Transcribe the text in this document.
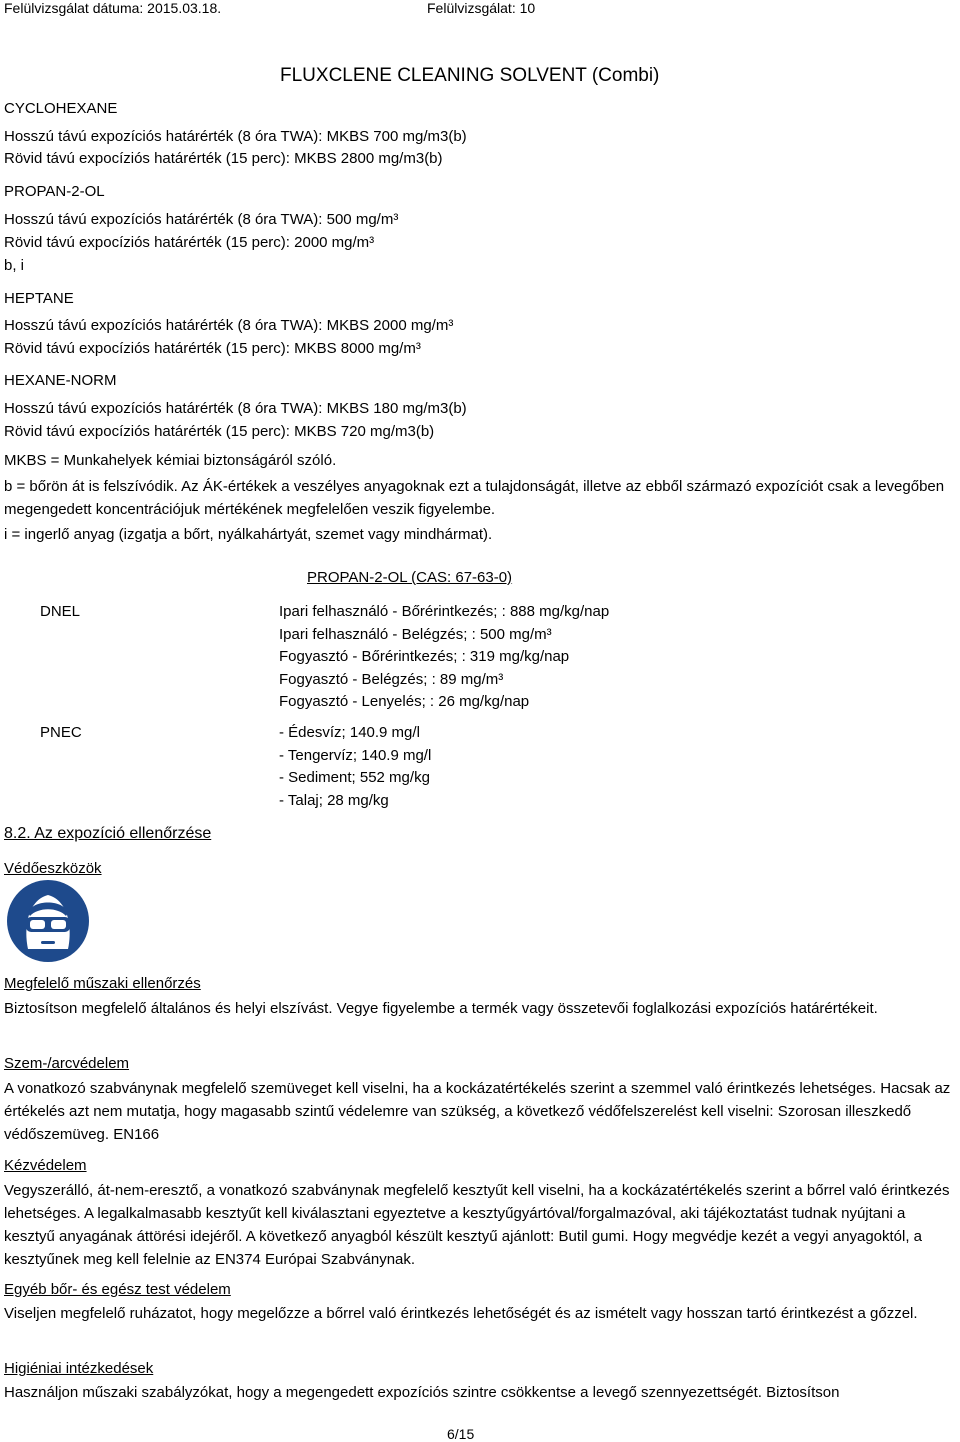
Felülvizsgálat dátuma: 2015.03.18.	Felülvizsgálat: 10
FLUXCLENE CLEANING SOLVENT (Combi)
CYCLOHEXANE
Hosszú távú expozíciós határérték (8 óra TWA): MKBS 700 mg/m3(b)
Rövid távú expocíziós határérték (15 perc): MKBS 2800 mg/m3(b)
PROPAN-2-OL
Hosszú távú expozíciós határérték (8 óra TWA): 500 mg/m³
Rövid távú expocíziós határérték (15 perc): 2000 mg/m³
b, i
HEPTANE
Hosszú távú expozíciós határérték (8 óra TWA): MKBS 2000 mg/m³
Rövid távú expocíziós határérték (15 perc): MKBS 8000 mg/m³
HEXANE-NORM
Hosszú távú expozíciós határérték (8 óra TWA): MKBS 180 mg/m3(b)
Rövid távú expocíziós határérték (15 perc): MKBS 720 mg/m3(b)
MKBS = Munkahelyek kémiai biztonságáról szóló.
b = bőrön át is felszívódik. Az ÁK-értékek a veszélyes anyagoknak ezt a tulajdonságát, illetve az ebből származó expozíciót csak a levegőben megengedett koncentrációjuk mértékének megfelelően veszik figyelembe.
i = ingerlő anyag (izgatja a bőrt, nyálkahártyát, szemet vagy mindhármat).
PROPAN-2-OL (CAS: 67-63-0)
DNEL	Ipari felhasználó - Bőrérintkezés; : 888 mg/kg/nap
Ipari felhasználó - Belégzés; : 500 mg/m³
Fogyasztó - Bőrérintkezés; : 319 mg/kg/nap
Fogyasztó - Belégzés; : 89 mg/m³
Fogyasztó - Lenyelés; : 26 mg/kg/nap
PNEC	- Édesvíz; 140.9 mg/l
- Tengervíz; 140.9 mg/l
- Sediment; 552 mg/kg
- Talaj; 28 mg/kg
8.2. Az expozíció ellenőrzése
Védőeszközök
Megfelelő műszaki ellenőrzés
Biztosítson megfelelő általános és helyi elszívást. Vegye figyelembe a termék vagy összetevői foglalkozási expozíciós határértékeit.
Szem-/arcvédelem
A vonatkozó szabványnak megfelelő szemüveget kell viselni, ha a kockázatértékelés szerint a szemmel való érintkezés lehetséges. Hacsak az értékelés azt nem mutatja, hogy magasabb szintű védelemre van szükség, a következő védőfelszerelést kell viselni: Szorosan illeszkedő védőszemüveg. EN166
Kézvédelem
Vegyszerálló, át-nem-eresztő, a vonatkozó szabványnak megfelelő kesztyűt kell viselni, ha a kockázatértékelés szerint a bőrrel való érintkezés lehetséges. A legalkalmasabb kesztyűt kell kiválasztani egyeztetve a kesztyűgyártóval/forgalmazóval, aki tájékoztatást tudnak nyújtani a kesztyű anyagának áttörési idejéről. A következő anyagból készült kesztyű ajánlott: Butil gumi. Hogy megvédje kezét a vegyi anyagoktól, a kesztyűnek meg kell felelnie az EN374 Európai Szabványnak.
Egyéb bőr- és egész test védelem
Viseljen megfelelő ruházatot, hogy megelőzze a bőrrel való érintkezés lehetőségét és az ismételt vagy hosszan tartó érintkezést a gőzzel.
Higiéniai intézkedések
Használjon műszaki szabályzókat, hogy a megengedett expozíciós szintre csökkentse a levegő szennyezettségét. Biztosítson
6/15
